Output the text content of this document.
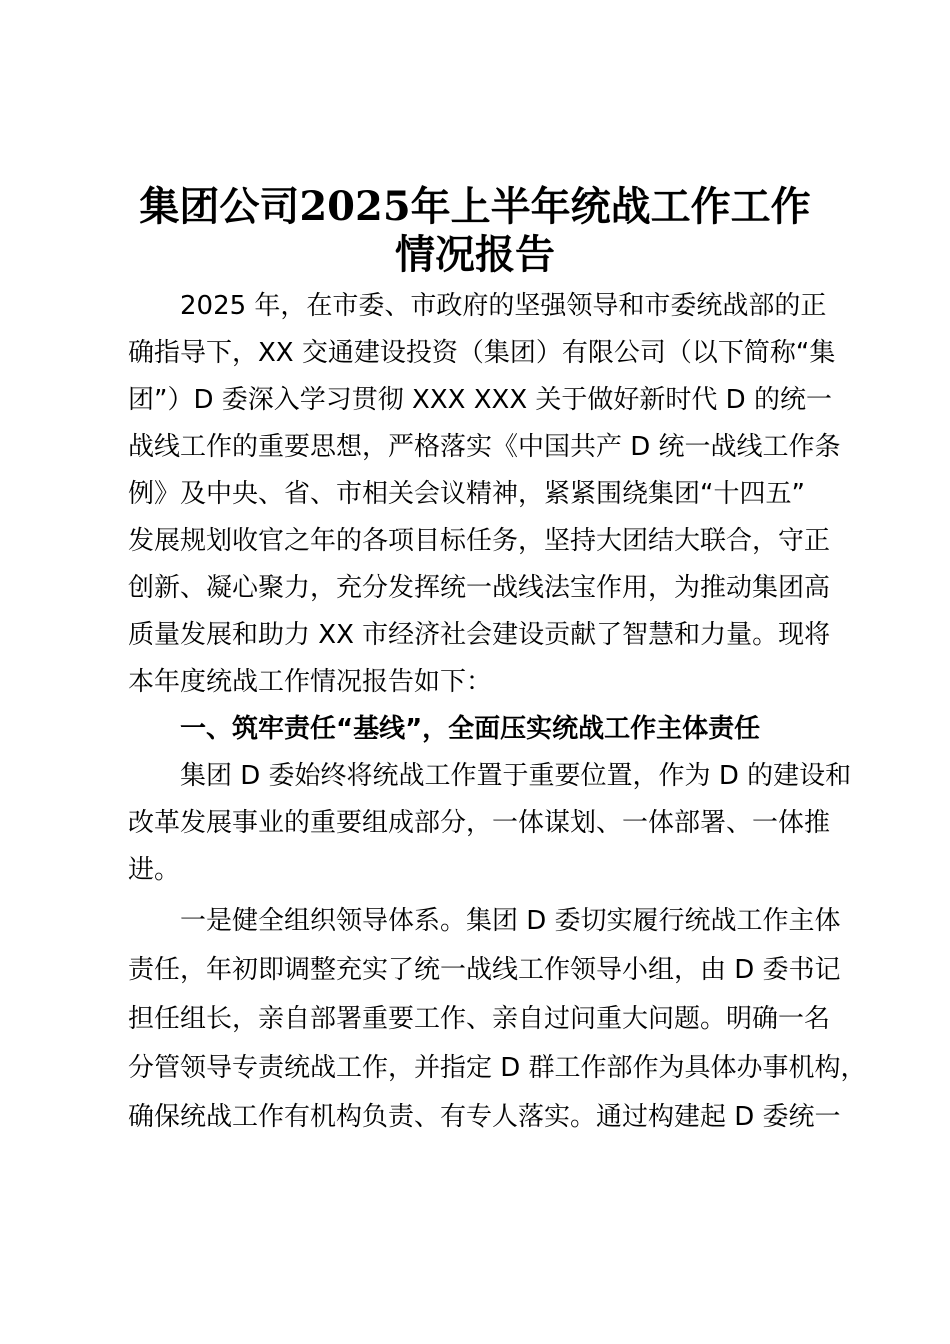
集团公司2025年上半年统战工作工作
情况报告

　　2025 年，在市委、市政府的坚强领导和市委统战部的正

确指导下，XX 交通建设投资（集团）有限公司（以下简称“集

团”）D 委深入学习贯彻 XXX XXX 关于做好新时代 D 的统一

战线工作的重要思想，严格落实《中国共产 D 统一战线工作条

例》及中央、省、市相关会议精神，紧紧围绕集团“十四五”

发展规划收官之年的各项目标任务，坚持大团结大联合，守正

创新、凝心聚力，充分发挥统一战线法宝作用，为推动集团高

质量发展和助力 XX 市经济社会建设贡献了智慧和力量。现将

本年度统战工作情况报告如下：

　　一、筑牢责任“基线”，全面压实统战工作主体责任

　　集团 D 委始终将统战工作置于重要位置，作为 D 的建设和

改革发展事业的重要组成部分，一体谋划、一体部署、一体推

进。

　　一是健全组织领导体系。集团 D 委切实履行统战工作主体

责任，年初即调整充实了统一战线工作领导小组，由 D 委书记

担任组长，亲自部署重要工作、亲自过问重大问题。明确一名

分管领导专责统战工作，并指定 D 群工作部作为具体办事机构，

确保统战工作有机构负责、有专人落实。通过构建起 D 委统一
